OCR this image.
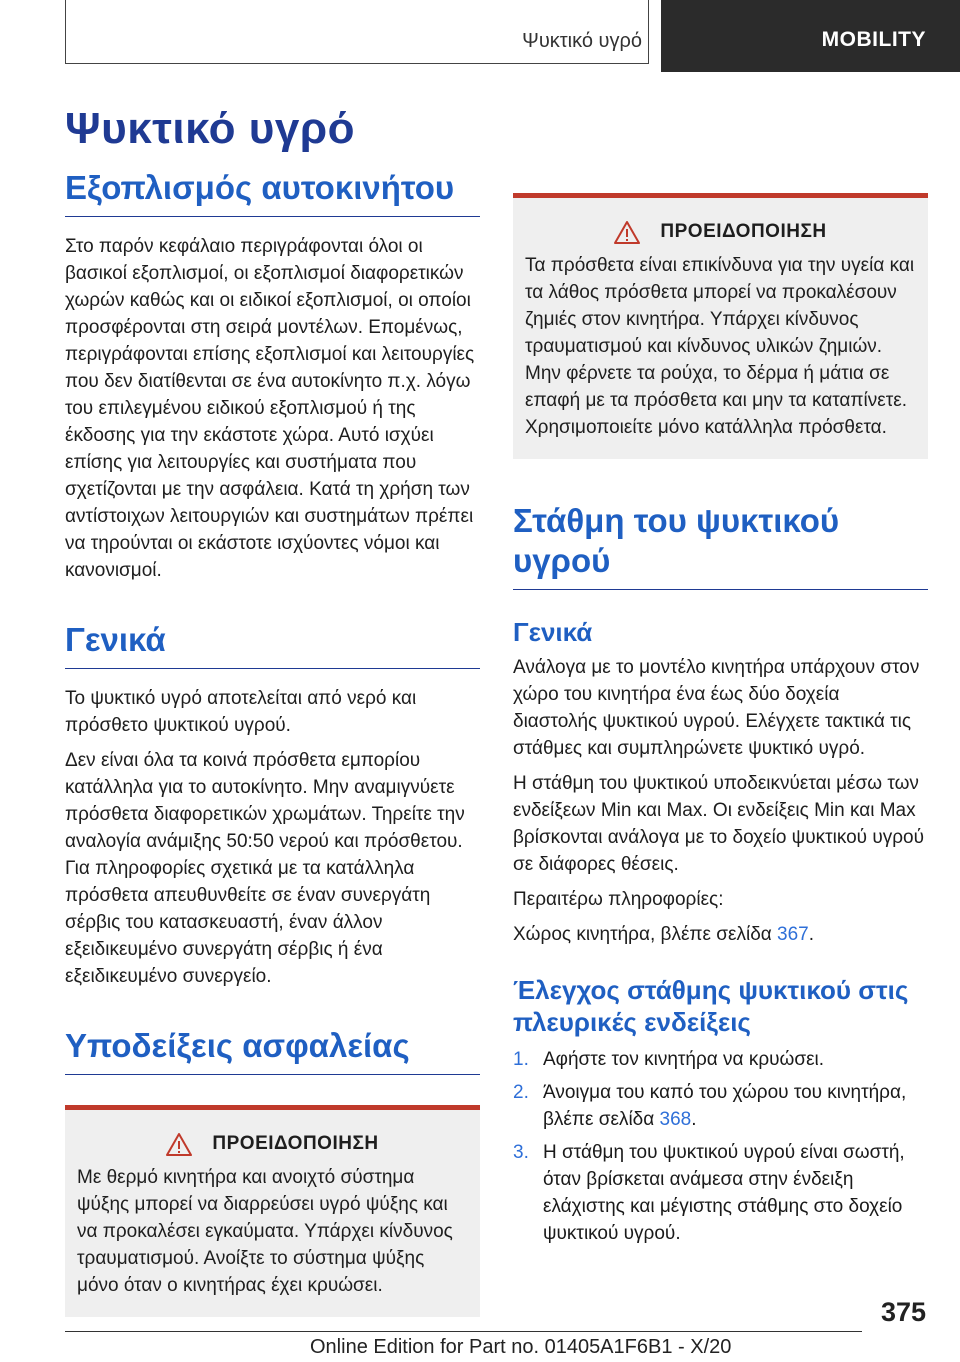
Ψυκτικό υγρό	MOBILITY
Ψυκτικό υγρό
Εξοπλισμός αυτοκινήτου

Στο παρόν κεφάλαιο περιγράφονται όλοι οι βασικοί εξοπλισμοί, οι εξοπλισμοί διαφορετικών χωρών καθώς και οι ειδικοί εξοπλισμοί, οι οποίοι προσφέρονται στη σειρά μοντέλων. Επομένως, περιγράφονται επίσης εξοπλισμοί και λειτουργίες που δεν διατίθενται σε ένα αυτοκίνητο π.χ. λόγω του επιλεγμένου ειδικού εξοπλισμού ή της έκδοσης για την εκάστοτε χώρα. Αυτό ισχύει επίσης για λειτουργίες και συστήματα που σχετίζονται με την ασφάλεια. Κατά τη χρήση των αντίστοιχων λειτουργιών και συστημάτων πρέπει να τηρούνται οι εκάστοτε ισχύοντες νόμοι και κανονισμοί.

Γενικά

Το ψυκτικό υγρό αποτελείται από νερό και πρόσθετο ψυκτικού υγρού.

Δεν είναι όλα τα κοινά πρόσθετα εμπορίου κατάλληλα για το αυτοκίνητο. Μην αναμιγνύετε πρόσθετα διαφορετικών χρωμάτων. Τηρείτε την αναλογία ανάμιξης 50:50 νερού και πρόσθετου. Για πληροφορίες σχετικά με τα κατάλληλα πρόσθετα απευθυνθείτε σε έναν συνεργάτη σέρβις του κατασκευαστή, έναν άλλον εξειδικευμένο συνεργάτη σέρβις ή ένα εξειδικευμένο συνεργείο.

Υποδείξεις ασφαλείας
ΠΡΟΕΙΔΟΠΟΙΗΣΗ

Με θερμό κινητήρα και ανοιχτό σύστημα ψύξης μπορεί να διαρρεύσει υγρό ψύξης και να προκαλέσει εγκαύματα. Υπάρχει κίνδυνος τραυματισμού. Ανοίξτε το σύστημα ψύξης μόνο όταν ο κινητήρας έχει κρυώσει.

ΠΡΟΕΙΔΟΠΟΙΗΣΗ

Τα πρόσθετα είναι επικίνδυνα για την υγεία και τα λάθος πρόσθετα μπορεί να προκαλέσουν ζημιές στον κινητήρα. Υπάρχει κίνδυνος τραυματισμού και κίνδυνος υλικών ζημιών. Μην φέρνετε τα ρούχα, το δέρμα ή μάτια σε επαφή με τα πρόσθετα και μην τα καταπίνετε. Χρησιμοποιείτε μόνο κατάλληλα πρόσθετα.

Στάθμη του ψυκτικού υγρού
Γενικά

Ανάλογα με το μοντέλο κινητήρα υπάρχουν στον χώρο του κινητήρα ένα έως δύο δοχεία διαστολής ψυκτικού υγρού. Ελέγχετε τακτικά τις στάθμες και συμπληρώνετε ψυκτικό υγρό.

Η στάθμη του ψυκτικού υποδεικνύεται μέσω των ενδείξεων Min και Max. Οι ενδείξεις Min και Max βρίσκονται ανάλογα με το δοχείο ψυκτικού υγρού σε διάφορες θέσεις.

Περαιτέρω πληροφορίες:

Χώρος κινητήρα, βλέπε σελίδα 367.

Έλεγχος στάθμης ψυκτικού στις πλευρικές ενδείξεις
1. Αφήστε τον κινητήρα να κρυώσει.
2. Άνοιγμα του καπό του χώρου του κινητήρα, βλέπε σελίδα 368.
3. Η στάθμη του ψυκτικού υγρού είναι σωστή, όταν βρίσκεται ανάμεσα στην ένδειξη ελάχιστης και μέγιστης στάθμης στο δοχείο ψυκτικού υγρού.
375
Online Edition for Part no. 01405A1F6B1 - X/20
